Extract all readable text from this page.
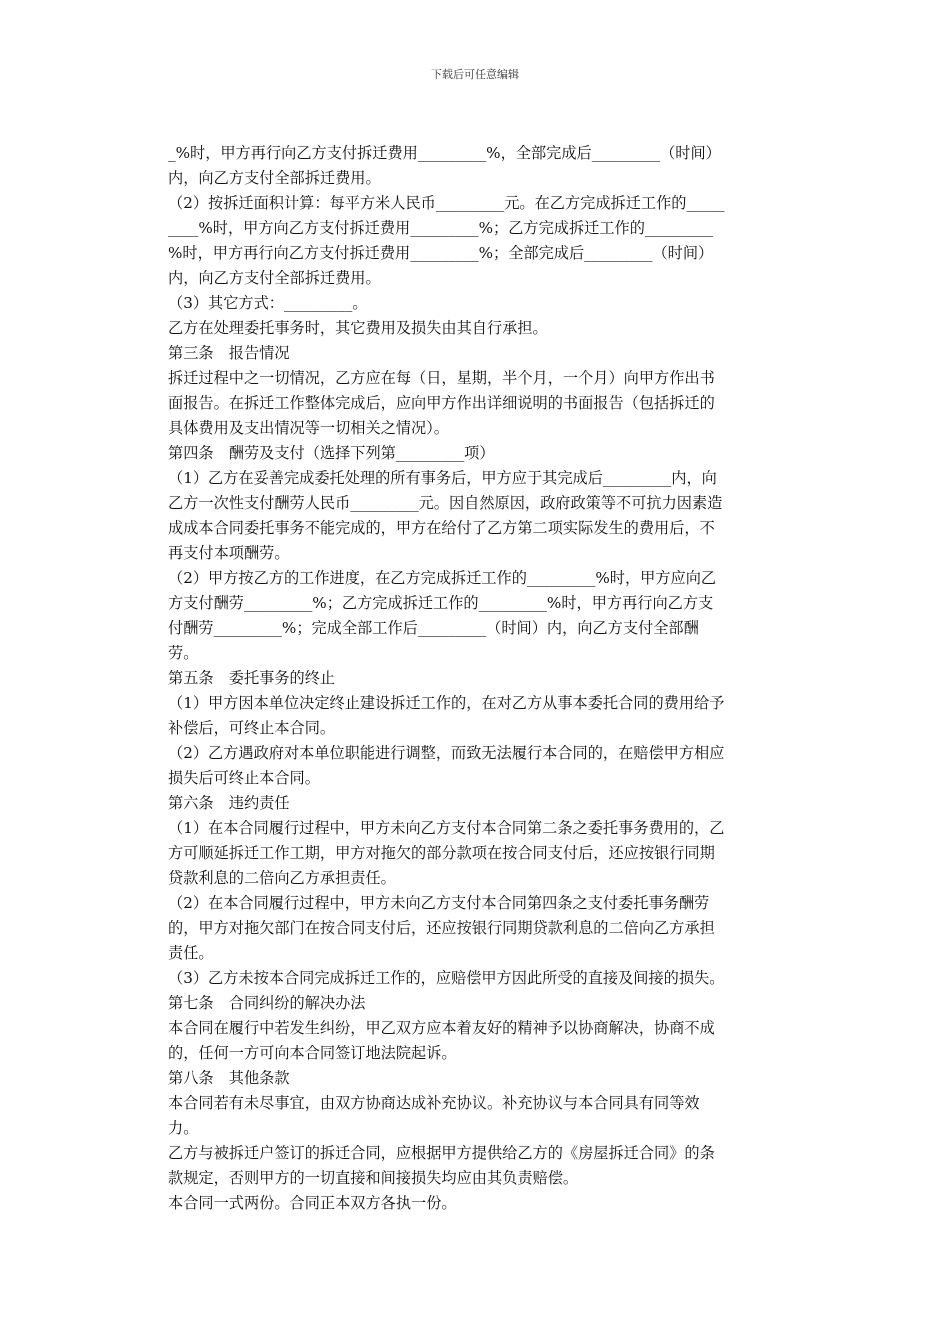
下载后可任意编辑
_%时，甲方再行向乙方支付拆迁费用_________%，全部完成后_________（时间）
内，向乙方支付全部拆迁费用。
（2）按拆迁面积计算：每平方米人民币_________元。在乙方完成拆迁工作的_____
____%时，甲方向乙方支付拆迁费用_________%；乙方完成拆迁工作的_________
%时，甲方再行向乙方支付拆迁费用_________%；全部完成后_________（时间）
内，向乙方支付全部拆迁费用。
（3）其它方式：_________。
乙方在处理委托事务时，其它费用及损失由其自行承担。
第三条　报告情况
拆迁过程中之一切情况，乙方应在每（日，星期，半个月，一个月）向甲方作出书
面报告。在拆迁工作整体完成后，应向甲方作出详细说明的书面报告（包括拆迁的
具体费用及支出情况等一切相关之情况）。
第四条　酬劳及支付（选择下列第_________项）
（1）乙方在妥善完成委托处理的所有事务后，甲方应于其完成后_________内，向
乙方一次性支付酬劳人民币_________元。因自然原因，政府政策等不可抗力因素造
成成本合同委托事务不能完成的，甲方在给付了乙方第二项实际发生的费用后，不
再支付本项酬劳。
（2）甲方按乙方的工作进度，在乙方完成拆迁工作的_________%时，甲方应向乙
方支付酬劳_________%；乙方完成拆迁工作的_________%时，甲方再行向乙方支
付酬劳_________%；完成全部工作后_________（时间）内，向乙方支付全部酬
劳。
第五条　委托事务的终止
（1）甲方因本单位决定终止建设拆迁工作的，在对乙方从事本委托合同的费用给予
补偿后，可终止本合同。
（2）乙方遇政府对本单位职能进行调整，而致无法履行本合同的，在赔偿甲方相应
损失后可终止本合同。
第六条　违约责任
（1）在本合同履行过程中，甲方未向乙方支付本合同第二条之委托事务费用的，乙
方可顺延拆迁工作工期，甲方对拖欠的部分款项在按合同支付后，还应按银行同期
贷款利息的二倍向乙方承担责任。
（2）在本合同履行过程中，甲方未向乙方支付本合同第四条之支付委托事务酬劳
的，甲方对拖欠部门在按合同支付后，还应按银行同期贷款利息的二倍向乙方承担
责任。
（3）乙方未按本合同完成拆迁工作的，应赔偿甲方因此所受的直接及间接的损失。
第七条　合同纠纷的解决办法
本合同在履行中若发生纠纷，甲乙双方应本着友好的精神予以协商解决，协商不成
的，任何一方可向本合同签订地法院起诉。
第八条　其他条款
本合同若有未尽事宜，由双方协商达成补充协议。补充协议与本合同具有同等效
力。
乙方与被拆迁户签订的拆迁合同，应根据甲方提供给乙方的《房屋拆迁合同》的条
款规定，否则甲方的一切直接和间接损失均应由其负责赔偿。
本合同一式两份。合同正本双方各执一份。
